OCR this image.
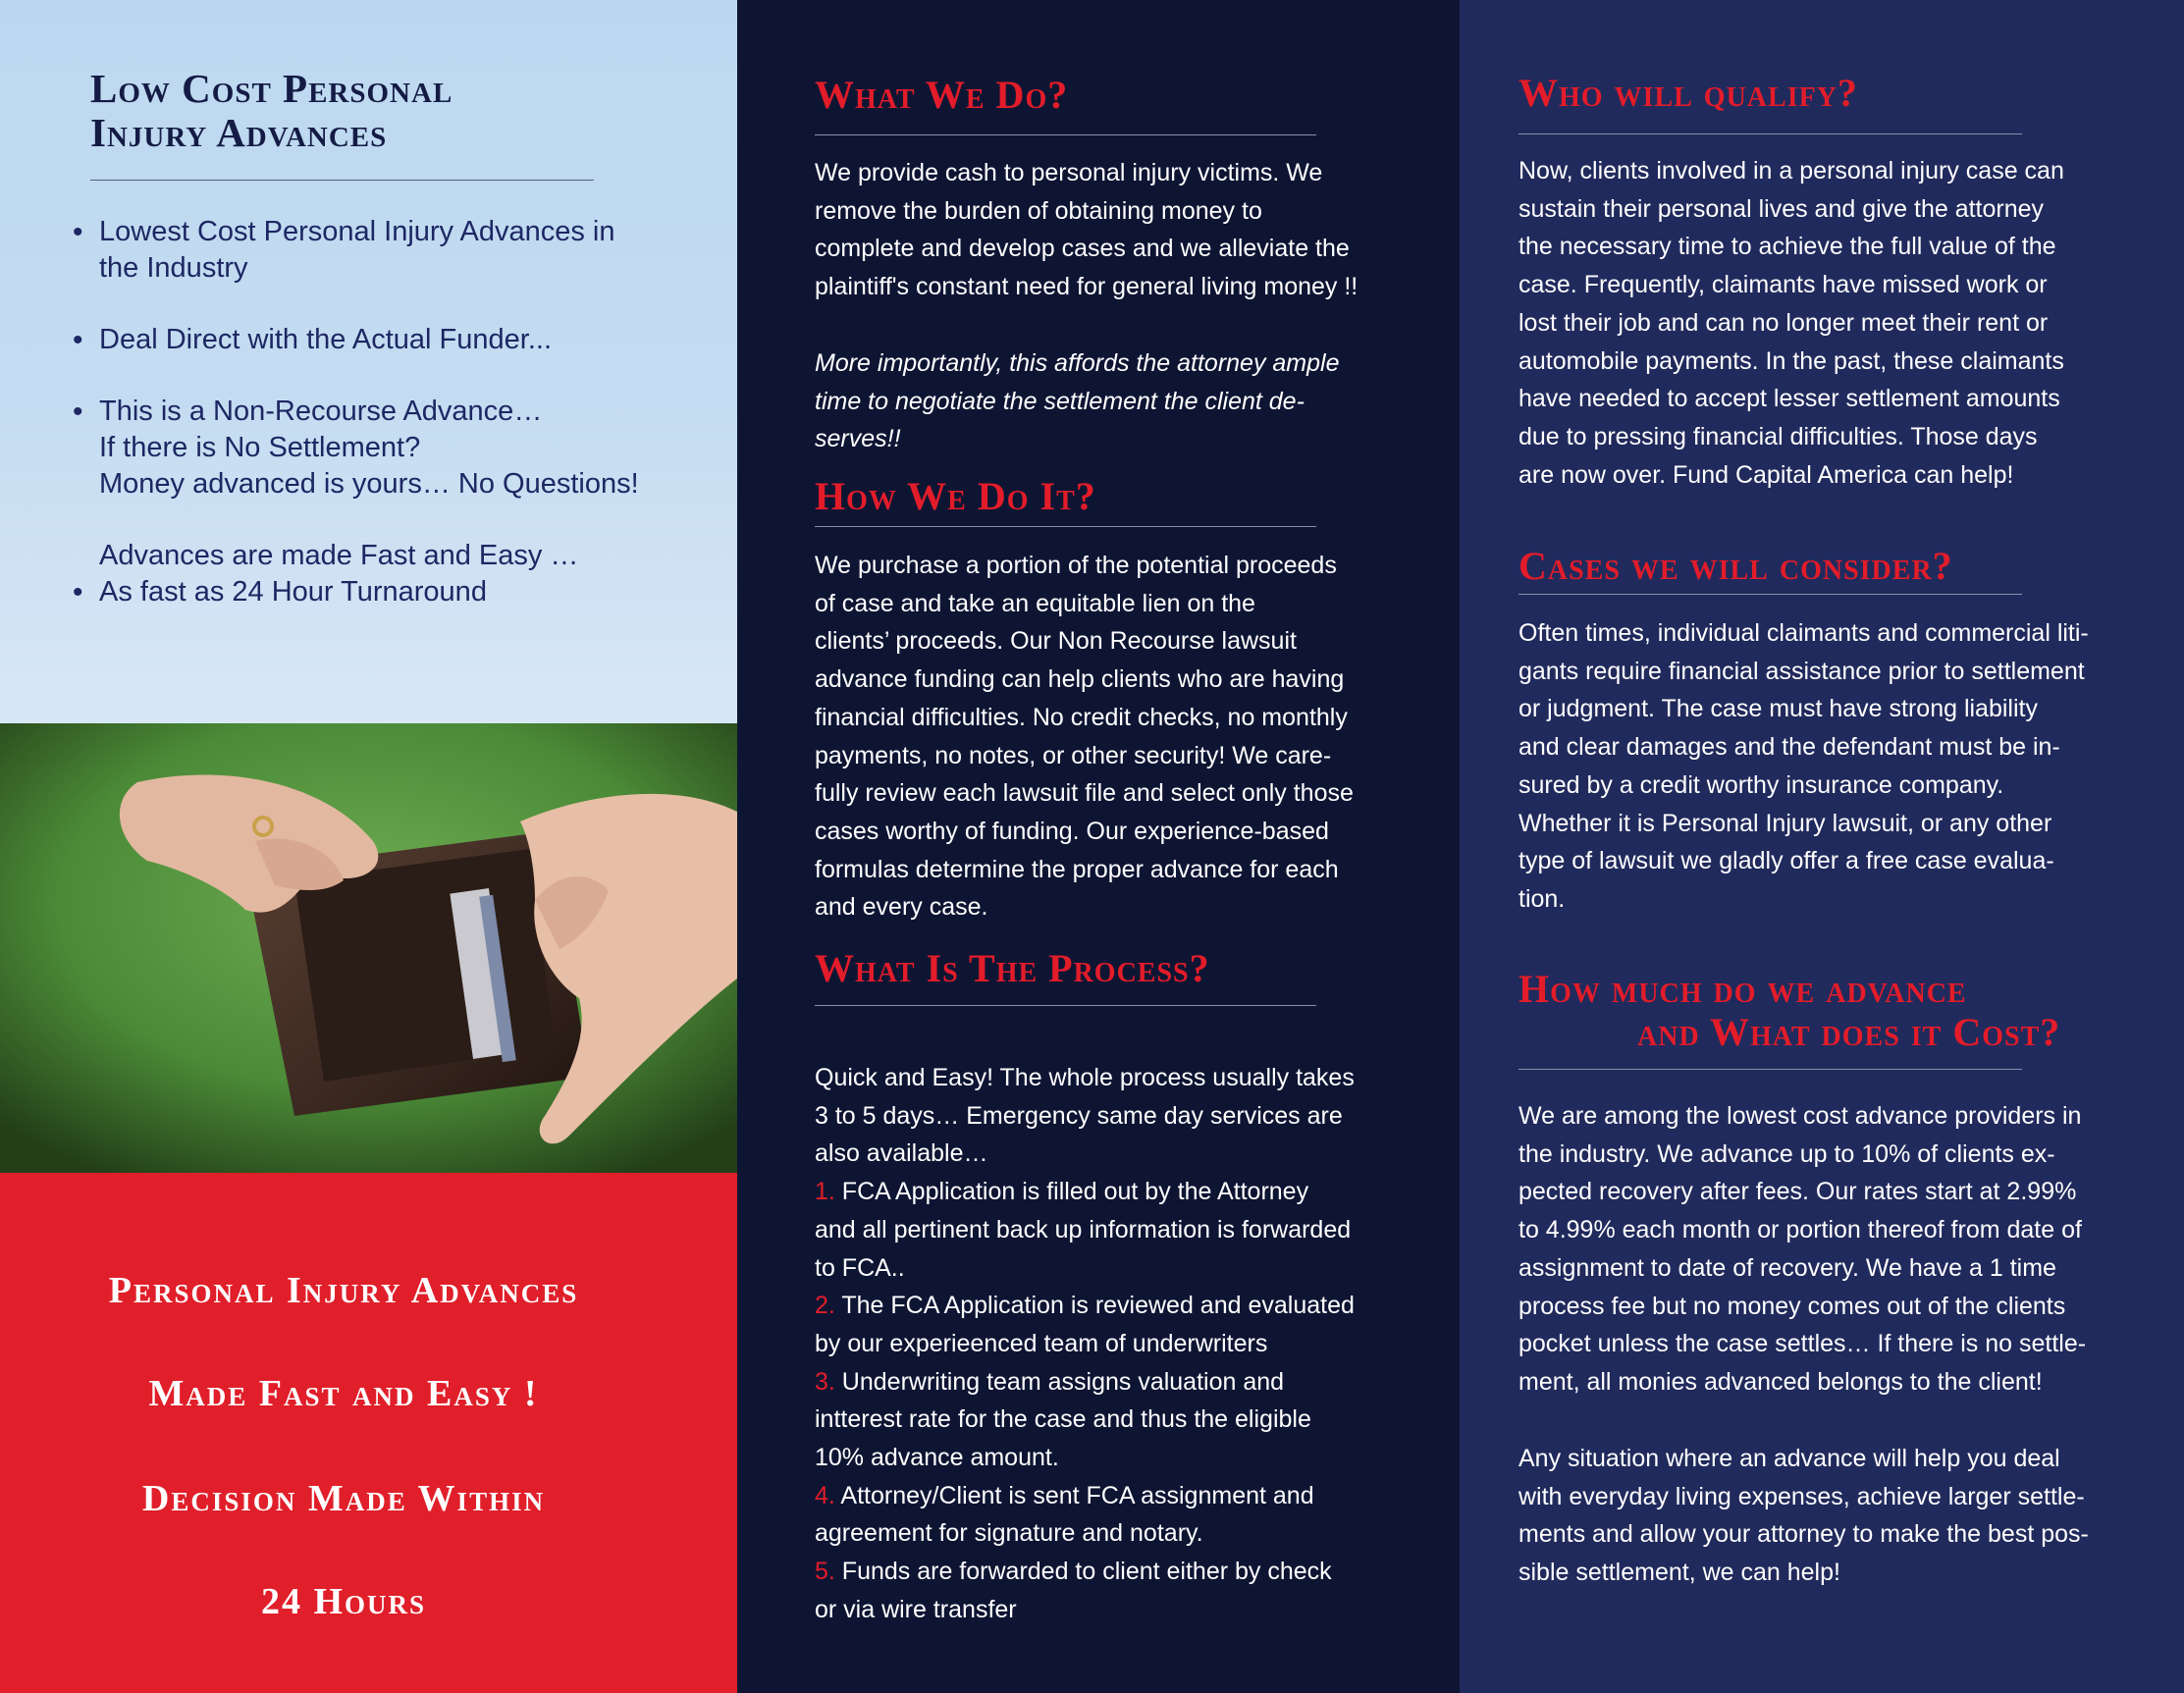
Low Cost Personal
Injury Advances
• Lowest Cost Personal Injury Advances in
the Industry
• Deal Direct with the Actual Funder...
• This is a Non-Recourse Advance…
If there is No Settlement?
Money advanced is yours… No Questions!
Advances are made Fast and Easy …
• As fast as 24 Hour Turnaround
Personal Injury Advances
Made Fast and Easy !
Decision Made Within
24 Hours
What We Do?
We provide cash to personal injury victims. We
remove the burden of obtaining money to
complete and develop cases and we alleviate the
plaintiff's constant need for general living money !!
More importantly, this affords the attorney ample
time to negotiate the settlement the client de-
serves!!
How We Do It?
We purchase a portion of the potential proceeds
of case and take an equitable lien on the
clients’ proceeds. Our Non Recourse lawsuit
advance funding can help clients who are having
financial difficulties. No credit checks, no monthly
payments, no notes, or other security! We care-
fully review each lawsuit file and select only those
cases worthy of funding. Our experience-based
formulas determine the proper advance for each
and every case.
What Is The Process?
Quick and Easy! The whole process usually takes
3 to 5 days… Emergency same day services are
also available…
1. FCA Application is filled out by the Attorney
and all pertinent back up information is forwarded
to FCA..
2. The FCA Application is reviewed and evaluated
by our experieenced team of underwriters
3. Underwriting team assigns valuation and
intterest rate for the case and thus the eligible
10% advance amount.
4. Attorney/Client is sent FCA assignment and
agreement for signature and notary.
5. Funds are forwarded to client either by check
or via wire transfer
Who will qualify?
Now, clients involved in a personal injury case can
sustain their personal lives and give the attorney
the necessary time to achieve the full value of the
case. Frequently, claimants have missed work or
lost their job and can no longer meet their rent or
automobile payments. In the past, these claimants
have needed to accept lesser settlement amounts
due to pressing financial difficulties. Those days
are now over. Fund Capital America can help!
Cases we will consider?
Often times, individual claimants and commercial liti-
gants require financial assistance prior to settlement
or judgment. The case must have strong liability
and clear damages and the defendant must be in-
sured by a credit worthy insurance company.
Whether it is Personal Injury lawsuit, or any other
type of lawsuit we gladly offer a free case evalua-
tion.
How much do we advance
and What does it Cost?
We are among the lowest cost advance providers in
the industry. We advance up to 10% of clients ex-
pected recovery after fees. Our rates start at 2.99%
to 4.99% each month or portion thereof from date of
assignment to date of recovery. We have a 1 time
process fee but no money comes out of the clients
pocket unless the case settles… If there is no settle-
ment, all monies advanced belongs to the client!
Any situation where an advance will help you deal
with everyday living expenses, achieve larger settle-
ments and allow your attorney to make the best pos-
sible settlement, we can help!
